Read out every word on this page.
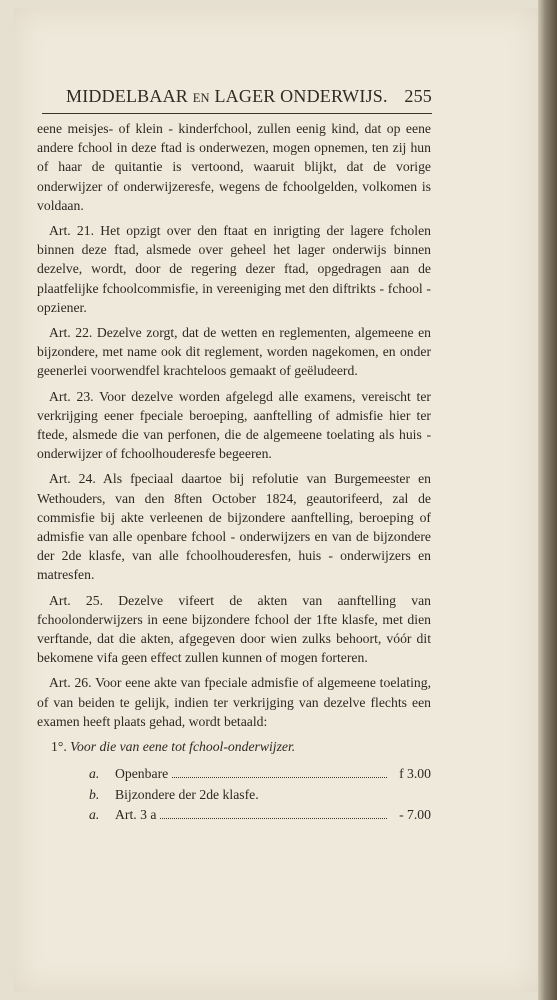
MIDDELBAAR EN LAGER ONDERWIJS. 255

eene meisjes- of klein - kinderfchool, zullen eenig kind, dat op eene andere fchool in deze ftad is onderwezen, mogen opnemen, ten zij hun of haar de quitantie is vertoond, waaruit blijkt, dat de vorige onderwijzer of onderwijzeresfe, wegens de fchoolgelden, volkomen is voldaan.

Art. 21. Het opzigt over den ftaat en inrigting der lagere fcholen binnen deze ftad, alsmede over geheel het lager onderwijs binnen dezelve, wordt, door de regering dezer ftad, opgedragen aan de plaatfelijke fchoolcommisfie, in vereeniging met den diftrikts - fchool - opziener.

Art. 22. Dezelve zorgt, dat de wetten en reglementen, algemeene en bijzondere, met name ook dit reglement, worden nagekomen, en onder geenerlei voorwendfel krachteloos gemaakt of geëludeerd.

Art. 23. Voor dezelve worden afgelegd alle examens, vereischt ter verkrijging eener fpeciale beroeping, aanftelling of admisfie hier ter ftede, alsmede die van perfonen, die de algemeene toelating als huis - onderwijzer of fchoolhouderesfe begeeren.

Art. 24. Als fpeciaal daartoe bij refolutie van Burgemeester en Wethouders, van den 8ften October 1824, geautorifeerd, zal de commisfie bij akte verleenen de bijzondere aanftelling, beroeping of admisfie van alle openbare fchool - onderwijzers en van de bijzondere der 2de klasfe, van alle fchoolhouderesfen, huis - onderwijzers en matresfen.

Art. 25. Dezelve vifeert de akten van aanftelling van fchoolonderwijzers in eene bijzondere fchool der 1fte klasfe, met dien verftande, dat die akten, afgegeven door wien zulks behoort, vóór dit bekomene vifa geen effect zullen kunnen of mogen forteren.

Art. 26. Voor eene akte van fpeciale admisfie of algemeene toelating, of van beiden te gelijk, indien ter verkrijging van dezelve flechts een examen heeft plaats gehad, wordt betaald:

1°. Voor die van eene tot fchool-onderwijzer.
a.	Openbare	f 3.00
b.	Bijzondere der 2de klasfe.
a.	Art. 3 a	- 7.00
